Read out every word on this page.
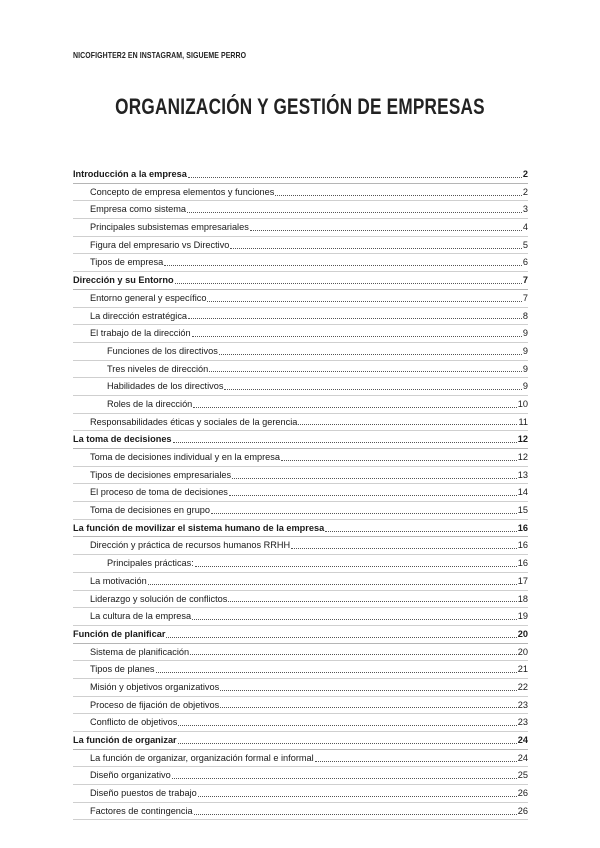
NICOFIGHTER2 EN INSTAGRAM, SIGUEME PERRO
ORGANIZACIÓN Y GESTIÓN DE EMPRESAS
Introducción a la empresa	2
Concepto de empresa elementos y funciones	2
Empresa como sistema	3
Principales subsistemas empresariales	4
Figura del empresario vs Directivo	5
Tipos de empresa	6
Dirección y su Entorno	7
Entorno general y específico	7
La dirección estratégica	8
El trabajo de la dirección	9
Funciones de los directivos	9
Tres niveles de dirección	9
Habilidades de los directivos	9
Roles de la dirección	10
Responsabilidades éticas y sociales de la gerencia	11
La toma de decisiones	12
Toma de decisiones individual y en la empresa	12
Tipos de decisiones empresariales	13
El proceso de toma de decisiones	14
Toma de decisiones en grupo	15
La función de movilizar el sistema humano de la empresa	16
Dirección y práctica de recursos humanos RRHH	16
Principales prácticas:	16
La motivación	17
Liderazgo y solución de conflictos	18
La cultura de la empresa	19
Función de planificar	20
Sistema de planificación	20
Tipos de planes	21
Misión y objetivos organizativos	22
Proceso de fijación de objetivos	23
Conflicto de objetivos	23
La función de organizar	24
La función de organizar, organización formal e informal	24
Diseño organizativo	25
Diseño puestos de trabajo	26
Factores de contingencia	26
